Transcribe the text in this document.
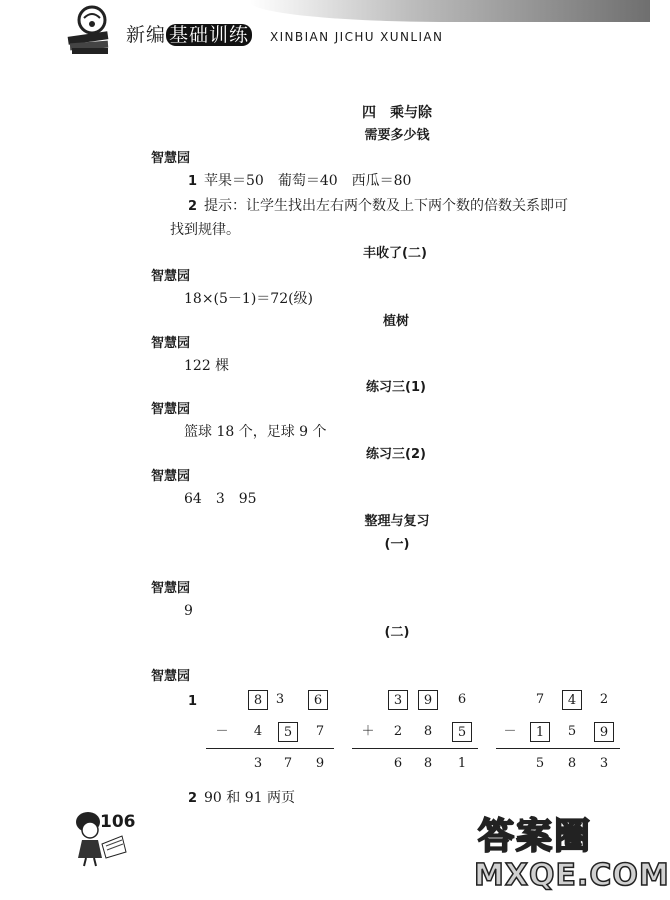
新编 基础训练 XINBIAN JICHU XUNLIAN
四　乘与除
需要多少钱
智慧园
1 苹果＝50　葡萄＝40　西瓜＝80
2 提示：让学生找出左右两个数及上下两个数的倍数关系即可
找到规律。
丰收了(二)
智慧园
18×(5－1)＝72(级)
植树
智慧园
122 棵
练习三(1)
智慧园
篮球 18 个，足球 9 个
练习三(2)
智慧园
64　3　95
整理与复习
(一)
智慧园
9
(二)
智慧园
1	8	3	6
－	4	5	7
3	7	9
3	9	6
＋	2	8	5
6	8	1
7	4	2
－	1	5	9
5	8	3
2 90 和 91 两页
106	答案圈
MXQE.COM
